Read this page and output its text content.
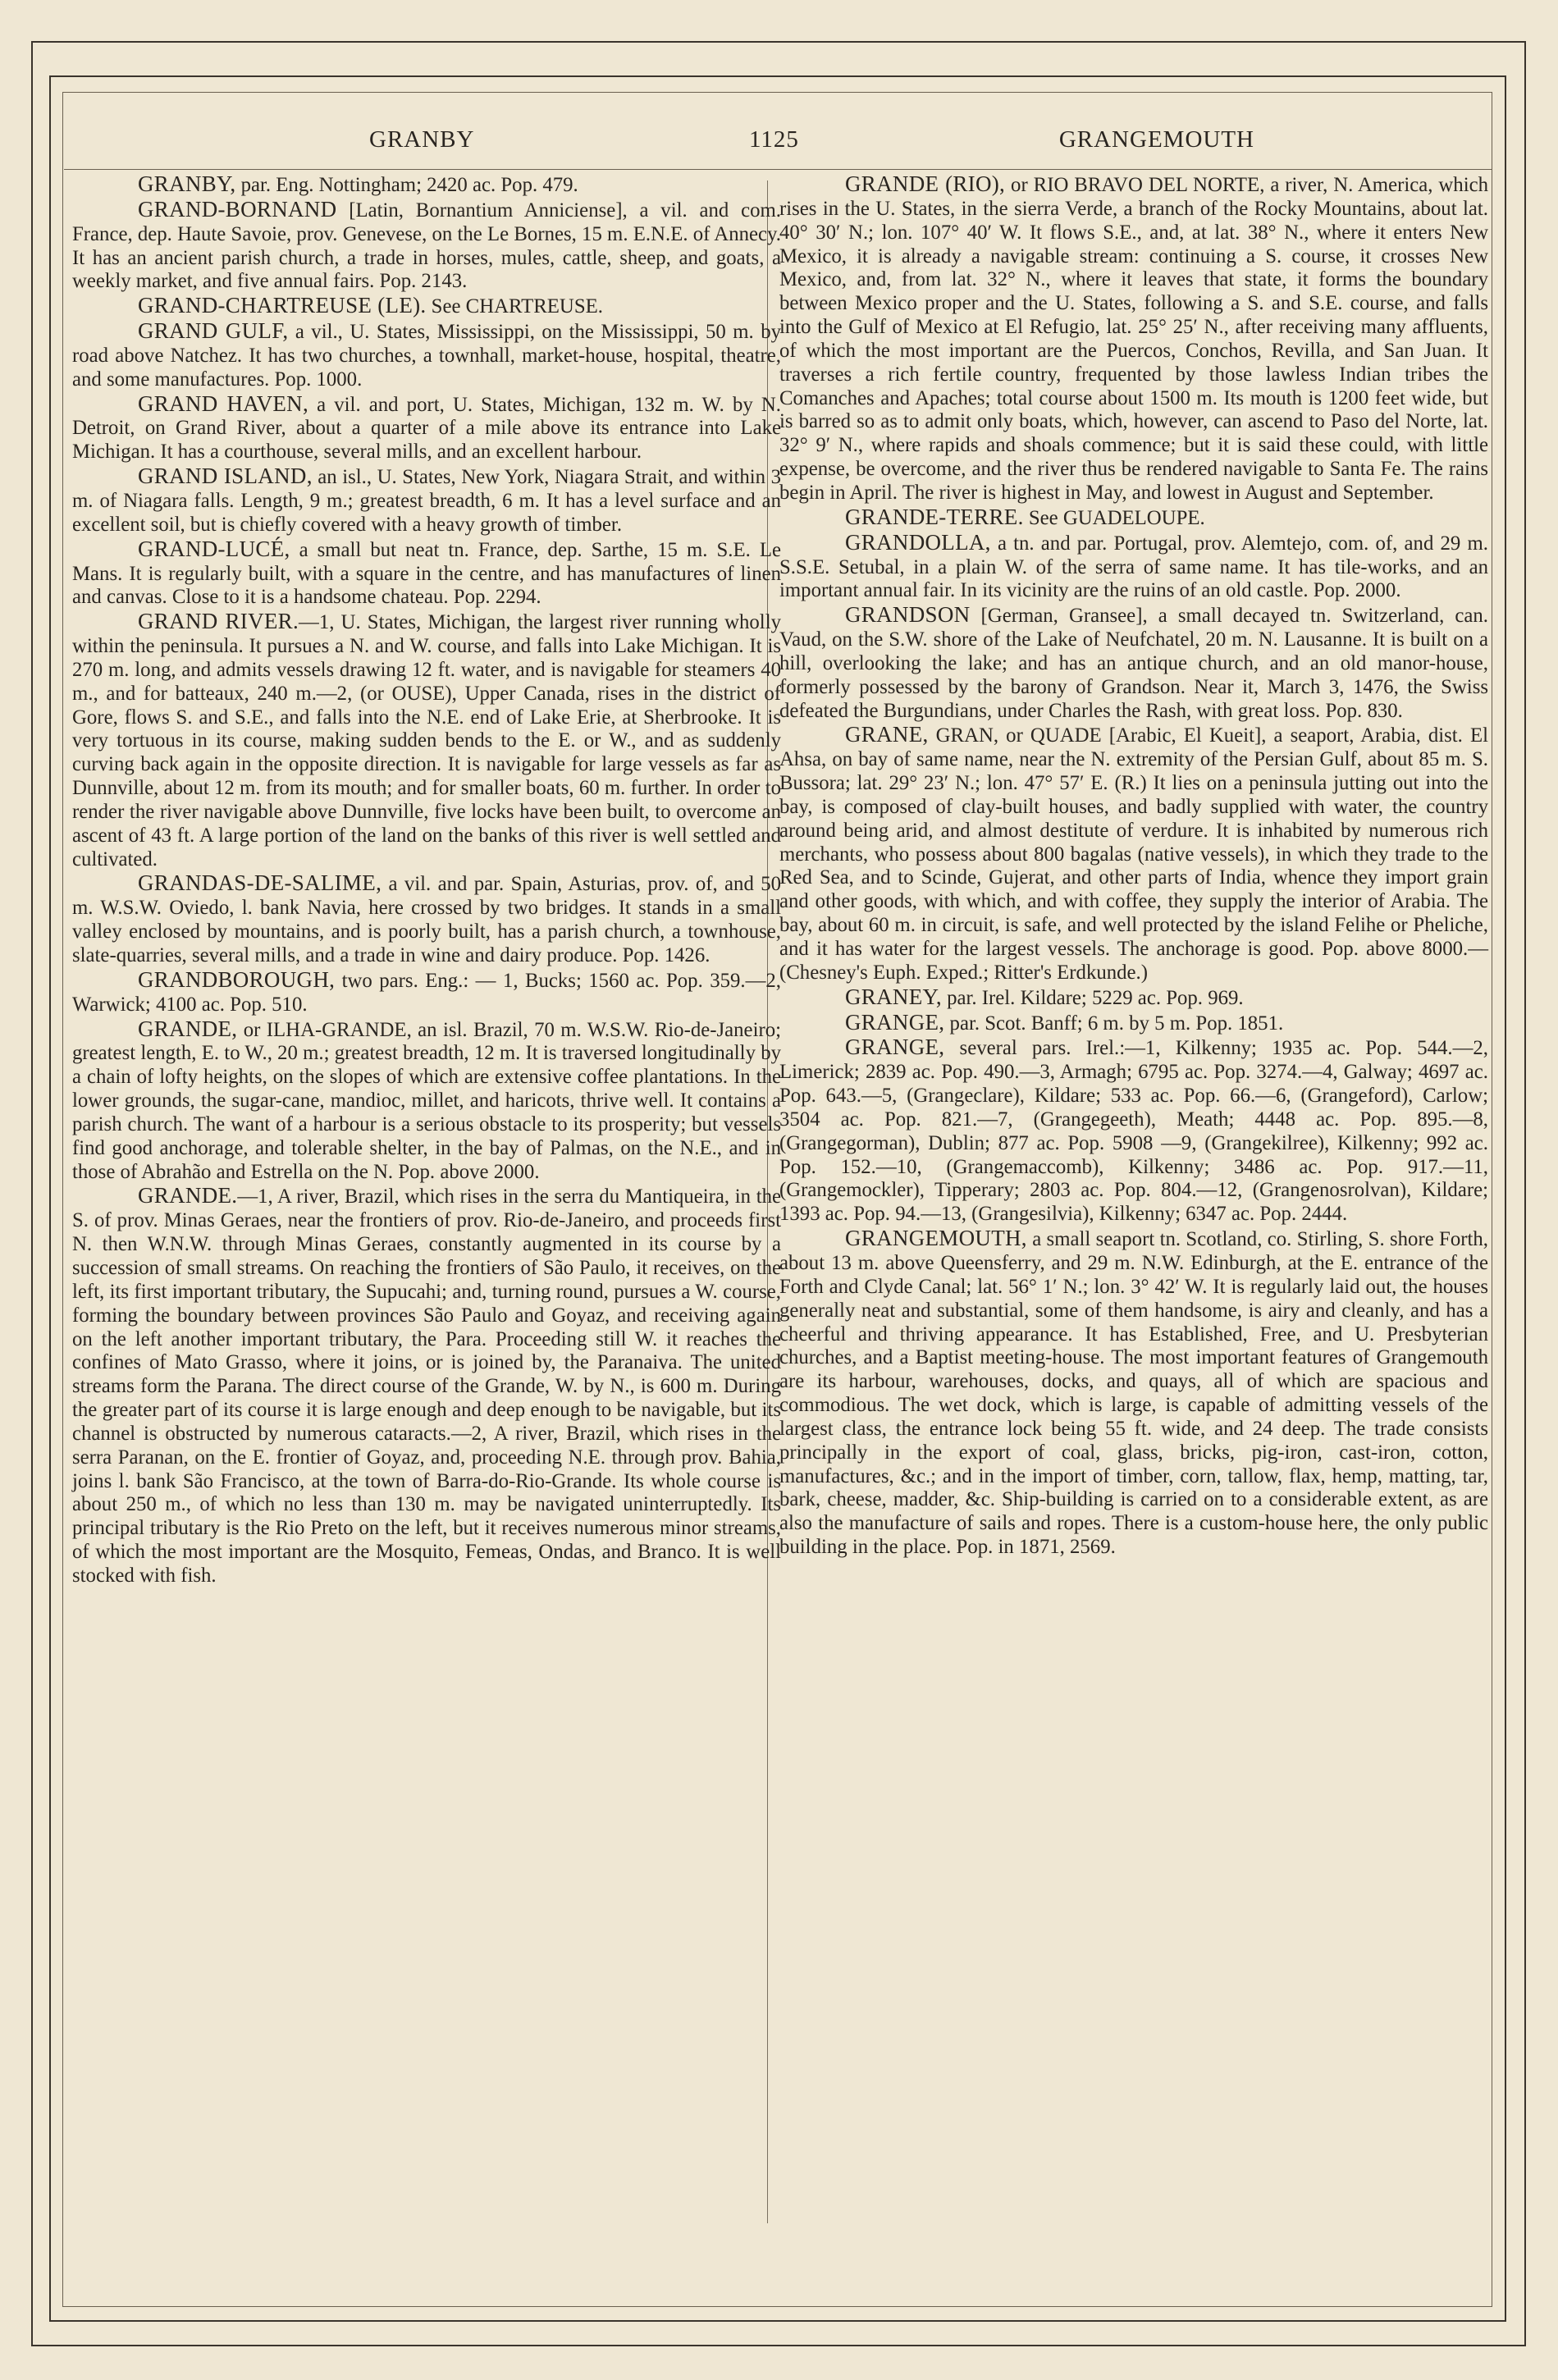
GRANBY	1125	GRANGEMOUTH

GRANBY, par. Eng. Nottingham; 2420 ac. Pop. 479.

GRAND-BORNAND [Latin, Bornantium Anniciense], a vil. and com. France, dep. Haute Savoie, prov. Genevese, on the Le Bornes, 15 m. E.N.E. of Annecy. It has an ancient parish church, a trade in horses, mules, cattle, sheep, and goats, a weekly market, and five annual fairs. Pop. 2143.

GRAND-CHARTREUSE (LE). See CHARTREUSE.

GRAND GULF, a vil., U. States, Mississippi, on the Mississippi, 50 m. by road above Natchez. It has two churches, a townhall, market-house, hospital, theatre, and some manufactures. Pop. 1000.

GRAND HAVEN, a vil. and port, U. States, Michigan, 132 m. W. by N. Detroit, on Grand River, about a quarter of a mile above its entrance into Lake Michigan. It has a courthouse, several mills, and an excellent harbour.

GRAND ISLAND, an isl., U. States, New York, Niagara Strait, and within 3 m. of Niagara falls. Length, 9 m.; greatest breadth, 6 m. It has a level surface and an excellent soil, but is chiefly covered with a heavy growth of timber.

GRAND-LUCÉ, a small but neat tn. France, dep. Sarthe, 15 m. S.E. Le Mans. It is regularly built, with a square in the centre, and has manufactures of linen and canvas. Close to it is a handsome chateau. Pop. 2294.

GRAND RIVER.—1, U. States, Michigan, the largest river running wholly within the peninsula. It pursues a N. and W. course, and falls into Lake Michigan. It is 270 m. long, and admits vessels drawing 12 ft. water, and is navigable for steamers 40 m., and for batteaux, 240 m.—2, (or OUSE), Upper Canada, rises in the district of Gore, flows S. and S.E., and falls into the N.E. end of Lake Erie, at Sherbrooke. It is very tortuous in its course, making sudden bends to the E. or W., and as suddenly curving back again in the opposite direction. It is navigable for large vessels as far as Dunnville, about 12 m. from its mouth; and for smaller boats, 60 m. further. In order to render the river navigable above Dunnville, five locks have been built, to overcome an ascent of 43 ft. A large portion of the land on the banks of this river is well settled and cultivated.

GRANDAS-DE-SALIME, a vil. and par. Spain, Asturias, prov. of, and 50 m. W.S.W. Oviedo, l. bank Navia, here crossed by two bridges. It stands in a small valley enclosed by mountains, and is poorly built, has a parish church, a townhouse, slate-quarries, several mills, and a trade in wine and dairy produce. Pop. 1426.

GRANDBOROUGH, two pars. Eng.: — 1, Bucks; 1560 ac. Pop. 359.—2, Warwick; 4100 ac. Pop. 510.

GRANDE, or ILHA-GRANDE, an isl. Brazil, 70 m. W.S.W. Rio-de-Janeiro; greatest length, E. to W., 20 m.; greatest breadth, 12 m. It is traversed longitudinally by a chain of lofty heights, on the slopes of which are extensive coffee plantations. In the lower grounds, the sugar-cane, mandioc, millet, and haricots, thrive well. It contains a parish church. The want of a harbour is a serious obstacle to its prosperity; but vessels find good anchorage, and tolerable shelter, in the bay of Palmas, on the N.E., and in those of Abrahão and Estrella on the N. Pop. above 2000.

GRANDE.—1, A river, Brazil, which rises in the serra du Mantiqueira, in the S. of prov. Minas Geraes, near the frontiers of prov. Rio-de-Janeiro, and proceeds first N. then W.N.W. through Minas Geraes, constantly augmented in its course by a succession of small streams. On reaching the frontiers of São Paulo, it receives, on the left, its first important tributary, the Supucahi; and, turning round, pursues a W. course, forming the boundary between provinces São Paulo and Goyaz, and receiving again on the left another important tributary, the Para. Proceeding still W. it reaches the confines of Mato Grasso, where it joins, or is joined by, the Paranaiva. The united streams form the Parana. The direct course of the Grande, W. by N., is 600 m. During the greater part of its course it is large enough and deep enough to be navigable, but its channel is obstructed by numerous cataracts.—2, A river, Brazil, which rises in the serra Paranan, on the E. frontier of Goyaz, and, proceeding N.E. through prov. Bahia, joins l. bank São Francisco, at the town of Barra-do-Rio-Grande. Its whole course is about 250 m., of which no less than 130 m. may be navigated uninterruptedly. Its principal tributary is the Rio Preto on the left, but it receives numerous minor streams, of which the most important are the Mosquito, Femeas, Ondas, and Branco. It is well stocked with fish.

GRANDE (RIO), or RIO BRAVO DEL NORTE, a river, N. America, which rises in the U. States, in the sierra Verde, a branch of the Rocky Mountains, about lat. 40° 30′ N.; lon. 107° 40′ W. It flows S.E., and, at lat. 38° N., where it enters New Mexico, it is already a navigable stream: continuing a S. course, it crosses New Mexico, and, from lat. 32° N., where it leaves that state, it forms the boundary between Mexico proper and the U. States, following a S. and S.E. course, and falls into the Gulf of Mexico at El Refugio, lat. 25° 25′ N., after receiving many affluents, of which the most important are the Puercos, Conchos, Revilla, and San Juan. It traverses a rich fertile country, frequented by those lawless Indian tribes the Comanches and Apaches; total course about 1500 m. Its mouth is 1200 feet wide, but is barred so as to admit only boats, which, however, can ascend to Paso del Norte, lat. 32° 9′ N., where rapids and shoals commence; but it is said these could, with little expense, be overcome, and the river thus be rendered navigable to Santa Fe. The rains begin in April. The river is highest in May, and lowest in August and September.

GRANDE-TERRE. See GUADELOUPE.

GRANDOLLA, a tn. and par. Portugal, prov. Alemtejo, com. of, and 29 m. S.S.E. Setubal, in a plain W. of the serra of same name. It has tile-works, and an important annual fair. In its vicinity are the ruins of an old castle. Pop. 2000.

GRANDSON [German, Gransee], a small decayed tn. Switzerland, can. Vaud, on the S.W. shore of the Lake of Neufchatel, 20 m. N. Lausanne. It is built on a hill, overlooking the lake; and has an antique church, and an old manor-house, formerly possessed by the barony of Grandson. Near it, March 3, 1476, the Swiss defeated the Burgundians, under Charles the Rash, with great loss. Pop. 830.

GRANE, GRAN, or QUADE [Arabic, El Kueit], a seaport, Arabia, dist. El Ahsa, on bay of same name, near the N. extremity of the Persian Gulf, about 85 m. S. Bussora; lat. 29° 23′ N.; lon. 47° 57′ E. (R.) It lies on a peninsula jutting out into the bay, is composed of clay-built houses, and badly supplied with water, the country around being arid, and almost destitute of verdure. It is inhabited by numerous rich merchants, who possess about 800 bagalas (native vessels), in which they trade to the Red Sea, and to Scinde, Gujerat, and other parts of India, whence they import grain and other goods, with which, and with coffee, they supply the interior of Arabia. The bay, about 60 m. in circuit, is safe, and well protected by the island Felihe or Pheliche, and it has water for the largest vessels. The anchorage is good. Pop. above 8000.—(Chesney's Euph. Exped.; Ritter's Erdkunde.)

GRANEY, par. Irel. Kildare; 5229 ac. Pop. 969.

GRANGE, par. Scot. Banff; 6 m. by 5 m. Pop. 1851.

GRANGE, several pars. Irel.:—1, Kilkenny; 1935 ac. Pop. 544.—2, Limerick; 2839 ac. Pop. 490.—3, Armagh; 6795 ac. Pop. 3274.—4, Galway; 4697 ac. Pop. 643.—5, (Grangeclare), Kildare; 533 ac. Pop. 66.—6, (Grangeford), Carlow; 3504 ac. Pop. 821.—7, (Grangegeeth), Meath; 4448 ac. Pop. 895.—8, (Grangegorman), Dublin; 877 ac. Pop. 5908 —9, (Grangekilree), Kilkenny; 992 ac. Pop. 152.—10, (Grangemaccomb), Kilkenny; 3486 ac. Pop. 917.—11, (Grangemockler), Tipperary; 2803 ac. Pop. 804.—12, (Grangenosrolvan), Kildare; 1393 ac. Pop. 94.—13, (Grangesilvia), Kilkenny; 6347 ac. Pop. 2444.

GRANGEMOUTH, a small seaport tn. Scotland, co. Stirling, S. shore Forth, about 13 m. above Queensferry, and 29 m. N.W. Edinburgh, at the E. entrance of the Forth and Clyde Canal; lat. 56° 1′ N.; lon. 3° 42′ W. It is regularly laid out, the houses generally neat and substantial, some of them handsome, is airy and cleanly, and has a cheerful and thriving appearance. It has Established, Free, and U. Presbyterian churches, and a Baptist meeting-house. The most important features of Grangemouth are its harbour, warehouses, docks, and quays, all of which are spacious and commodious. The wet dock, which is large, is capable of admitting vessels of the largest class, the entrance lock being 55 ft. wide, and 24 deep. The trade consists principally in the export of coal, glass, bricks, pig-iron, cast-iron, cotton, manufactures, &c.; and in the import of timber, corn, tallow, flax, hemp, matting, tar, bark, cheese, madder, &c. Ship-building is carried on to a considerable extent, as are also the manufacture of sails and ropes. There is a custom-house here, the only public building in the place. Pop. in 1871, 2569.
